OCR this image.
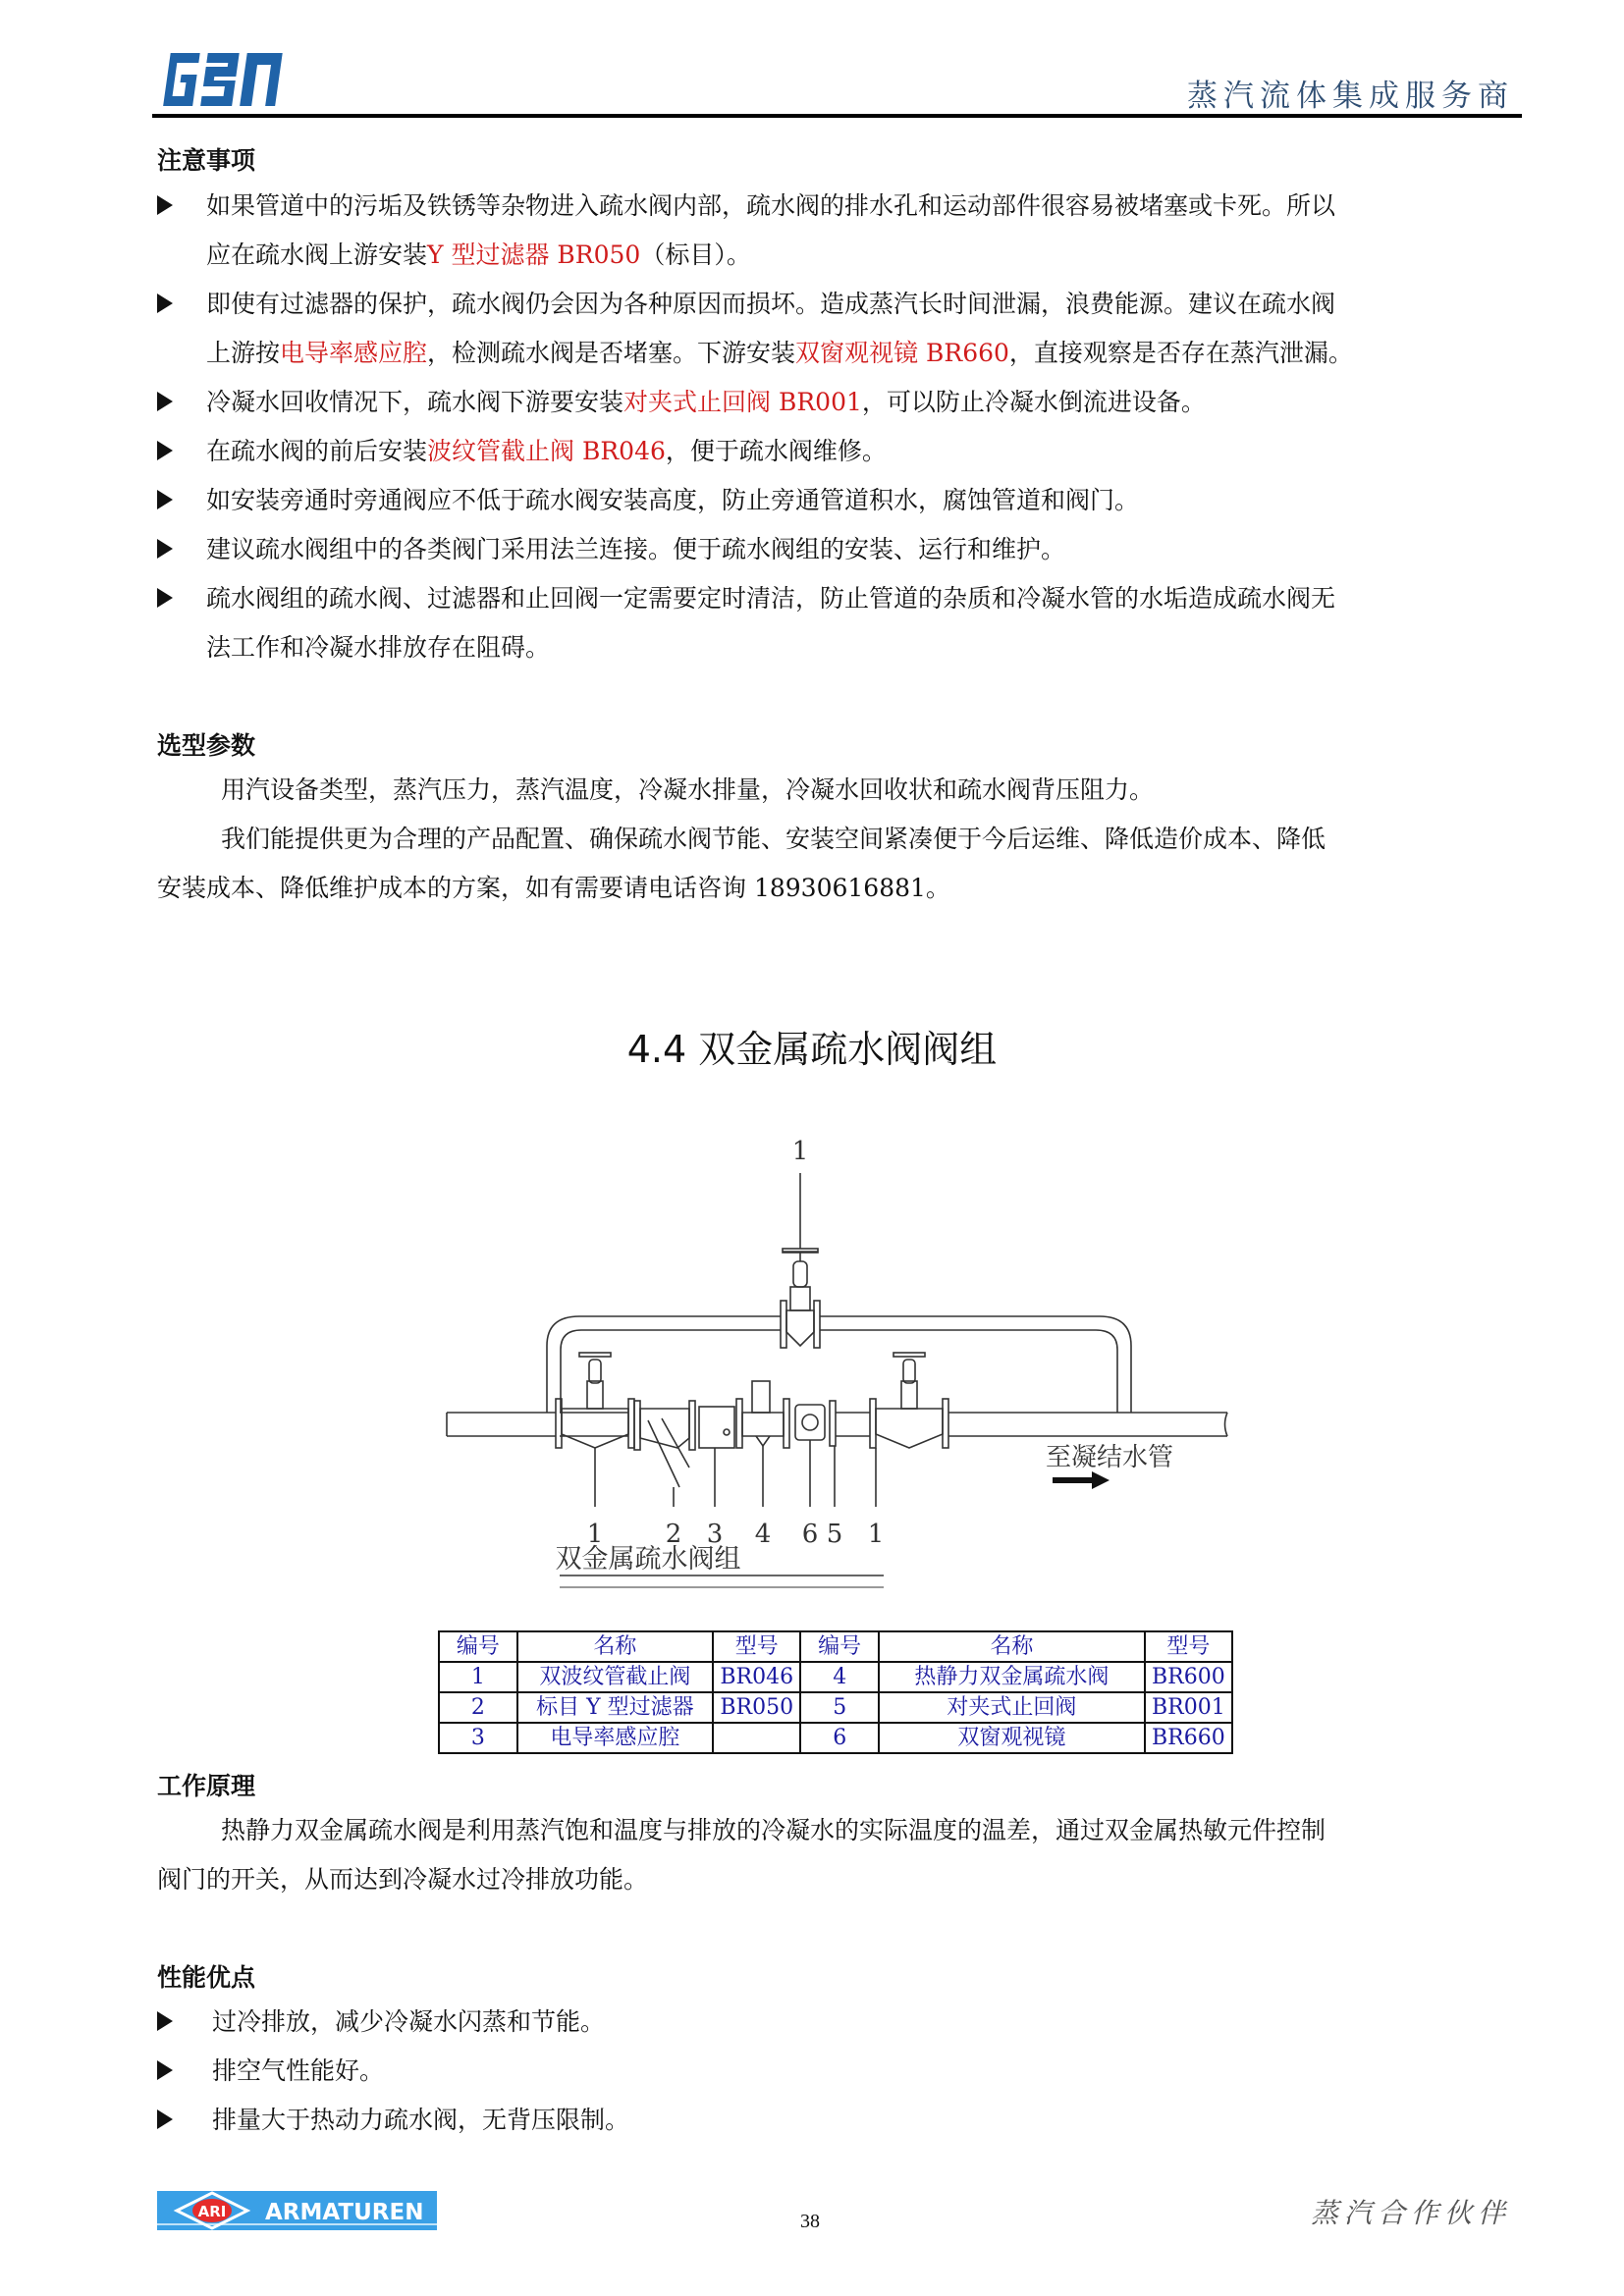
蒸汽流体集成服务商
注意事项
如果管道中的污垢及铁锈等杂物进入疏水阀内部，疏水阀的排水孔和运动部件很容易被堵塞或卡死。所以
应在疏水阀上游安装Y 型过滤器 BR050（标目）。
即使有过滤器的保护，疏水阀仍会因为各种原因而损坏。造成蒸汽长时间泄漏，浪费能源。建议在疏水阀
上游按电导率感应腔，检测疏水阀是否堵塞。下游安装双窗观视镜 BR660，直接观察是否存在蒸汽泄漏。
冷凝水回收情况下，疏水阀下游要安装对夹式止回阀 BR001，可以防止冷凝水倒流进设备。
在疏水阀的前后安装波纹管截止阀 BR046，便于疏水阀维修。
如安装旁通时旁通阀应不低于疏水阀安装高度，防止旁通管道积水，腐蚀管道和阀门。
建议疏水阀组中的各类阀门采用法兰连接。便于疏水阀组的安装、运行和维护。
疏水阀组的疏水阀、过滤器和止回阀一定需要定时清洁，防止管道的杂质和冷凝水管的水垢造成疏水阀无
法工作和冷凝水排放存在阻碍。
选型参数
用汽设备类型，蒸汽压力，蒸汽温度，冷凝水排量，冷凝水回收状和疏水阀背压阻力。
我们能提供更为合理的产品配置、确保疏水阀节能、安装空间紧凑便于今后运维、降低造价成本、降低
安装成本、降低维护成本的方案，如有需要请电话咨询 18930616881。
4.4 双金属疏水阀阀组
1
1 2 3 4 6 5 1
至凝结水管
双金属疏水阀组
编号	名称	型号	编号	名称	型号
1	双波纹管截止阀	BR046	4	热静力双金属疏水阀	BR600
2	标目 Y 型过滤器	BR050	5	对夹式止回阀	BR001
3	电导率感应腔		6	双窗观视镜	BR660
工作原理
热静力双金属疏水阀是利用蒸汽饱和温度与排放的冷凝水的实际温度的温差，通过双金属热敏元件控制
阀门的开关，从而达到冷凝水过冷排放功能。
性能优点
过冷排放，减少冷凝水闪蒸和节能。
排空气性能好。
排量大于热动力疏水阀，无背压限制。
ARI ARMATUREN	38	蒸汽合作伙伴
